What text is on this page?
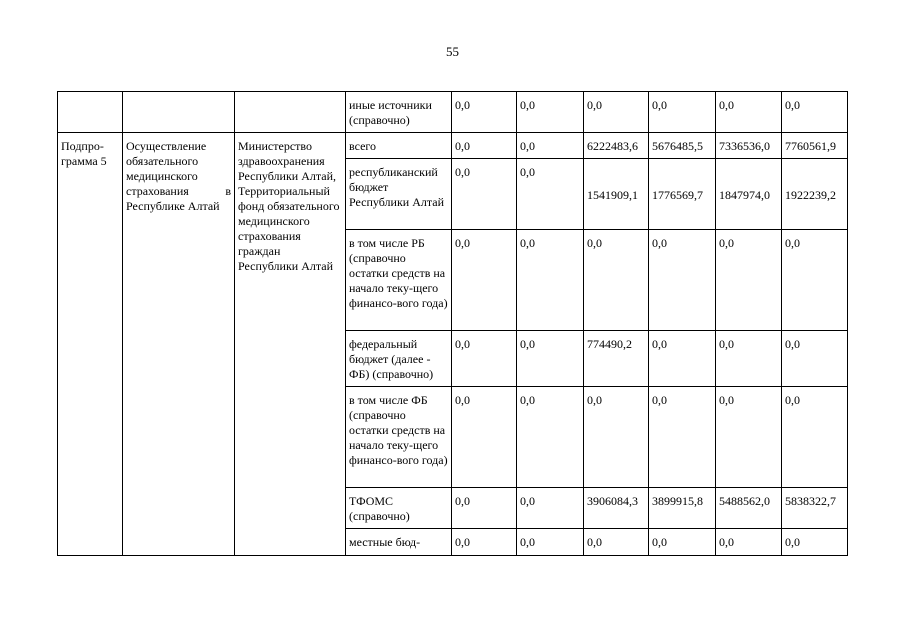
55
			иные источники (справочно)	0,0	0,0	0,0	0,0	0,0	0,0
Подпро-грамма 5	Осуществление обязательного медицинского страхования в Республике Алтай	Министерство здравоохранения Республики Алтай, Территориальный фонд обязательного медицинского страхования граждан Республики Алтай	всего	0,0	0,0	6222483,6	5676485,5	7336536,0	7760561,9
			республиканский бюджет Республики Алтай	0,0	0,0	1541909,1	1776569,7	1847974,0	1922239,2
			в том числе РБ (справочно остатки средств на начало теку-щего финансо-вого года)	0,0	0,0	0,0	0,0	0,0	0,0
			федеральный бюджет (далее - ФБ) (справочно)	0,0	0,0	774490,2	0,0	0,0	0,0
			в том числе ФБ (справочно остатки средств на начало теку-щего финансо-вого года)	0,0	0,0	0,0	0,0	0,0	0,0
			ТФОМС (справочно)	0,0	0,0	3906084,3	3899915,8	5488562,0	5838322,7
			местные бюд-	0,0	0,0	0,0	0,0	0,0	0,0
